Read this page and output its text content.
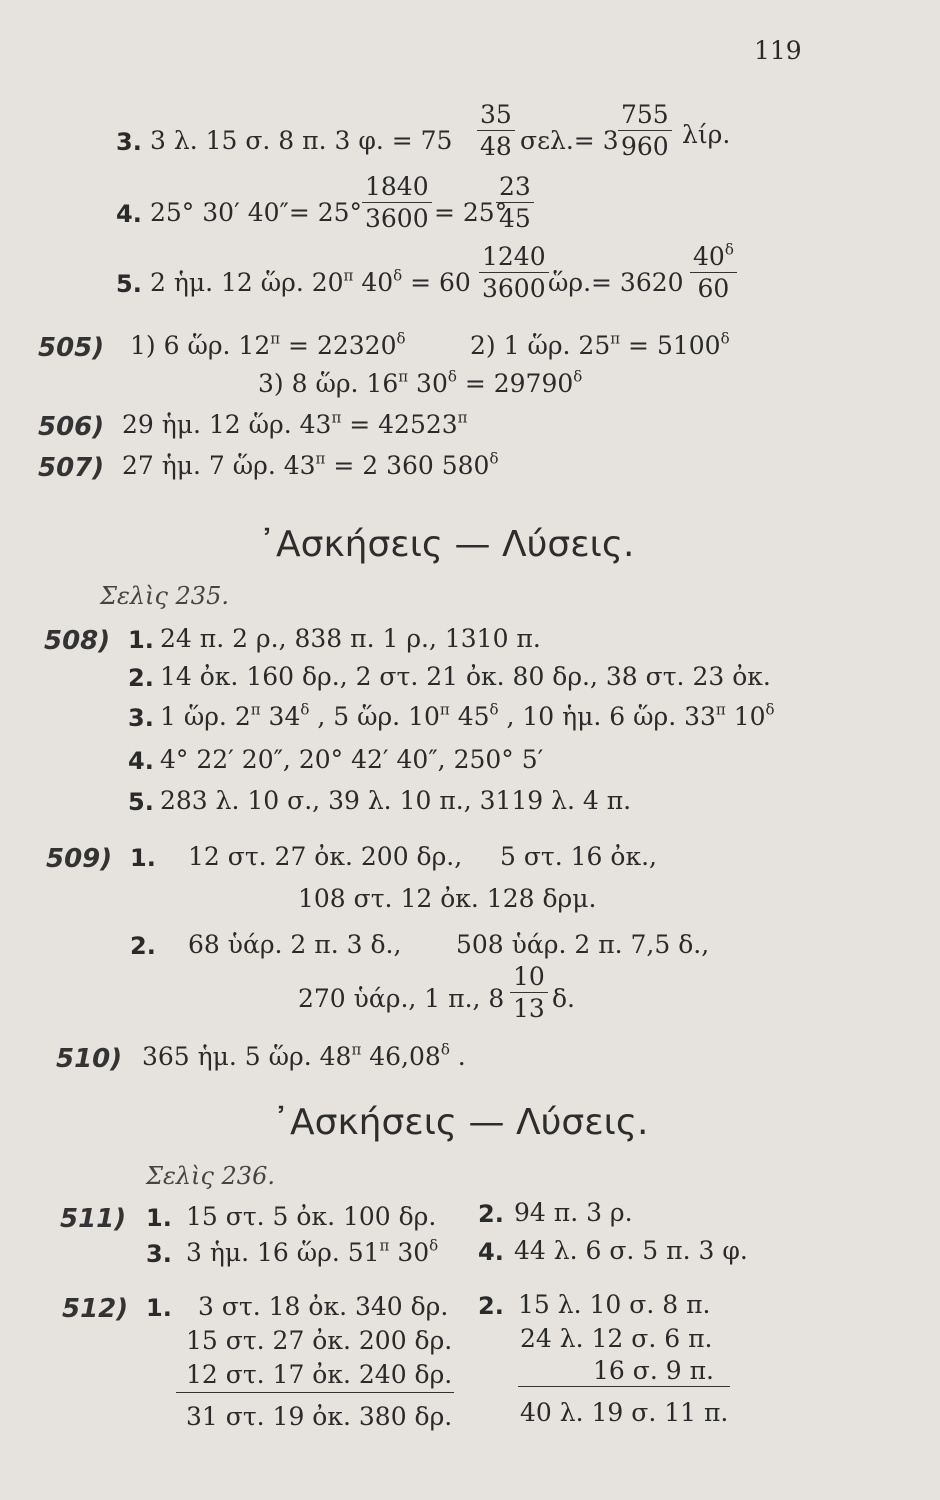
119
3. 3 λ. 15 σ. 8 π. 3 φ. = $75 \frac{35}{48} \sigma\varepsilon\lambda.= 3 \frac{755}{960} \lambda ί\rho$.
4. 25° 30′ $40''= 25^\circ \frac{1840}{3600} = 25^\circ$
$\frac{23}{45}$
5. 2 ἡμ. 12 ὥρ. $20^\pi$ $40^\delta = 60 \frac{1240}{3600}$ ὥρ.= $3620 \frac{40^\delta}{60}$
505) 1) 6 ὥρ. $12^\pi = 22320^\delta$	2) 1 ὥρ. $25^\pi = 5100^\delta$
3) 8 ὥρ. $16^\pi$ $30^\delta = 29790^\delta$
506) 29 ἡμ. 12 ὥρ. $43^\pi = 42523^\pi$
507) 27 ἡμ. 7 ὥρ. $43^\pi = 2$ 360 $580^\delta$
᾿Ασκήσεις — Λύσεις.
Σελὶς 235.
508) 1. 24 π. 2 ρ., 838 π. 1 ρ., 1310 π.
2. 14 ὀκ. 160 δρ., 2 στ. 21 ὀκ. 80 δρ., 38 στ. 23 ὀκ.
3. 1 ὥρ. $2^\pi$ $34^\delta$ , 5 ὥρ. $10^\pi$ $45^\delta$ , 10 ἡμ. 6 ὥρ. $33^\pi$ $10^\delta$
4. 4° 22′ 20″, 20° 42′ 40″, 250° 5′
5. 283 λ. 10 σ., 39 λ. 10 π., 3119 λ. 4 π.
509) 1. 12 στ. 27 ὀκ. 200 δρ., 5 στ. 16 ὀκ.,
108 στ. 12 ὀκ. 128 δρμ.
2. 68 ὑάρ. 2 π. 3 δ., 508 ὑάρ. 2 π. 7,5 δ.,
270 ὑάρ., 1 π., $8 \frac{10}{13} \delta$.
510) 365 ἡμ. 5 ὥρ. $48^\pi$ $46,08^\delta$ .
᾿Ασκήσεις — Λύσεις.
Σελὶς 236.
511) 1. 15 στ. 5 ὀκ. 100 δρ. 2. 94 π. 3 ρ.
3. 3 ἡμ. 16 ὥρ. $51^\pi$ $30^\delta$ 4. 44 λ. 6 σ. 5 π. 3 φ.
512) 1. 3 στ. 18 ὀκ. 340 δρ.
15 στ. 27 ὀκ. 200 δρ.
12 στ. 17 ὀκ. 240 δρ.
31 στ. 19 ὀκ. 380 δρ.
2. 15 λ. 10 σ. 8 π.
24 λ. 12 σ. 6 π.
16 σ. 9 π.
40 λ. 19 σ. 11 π.
